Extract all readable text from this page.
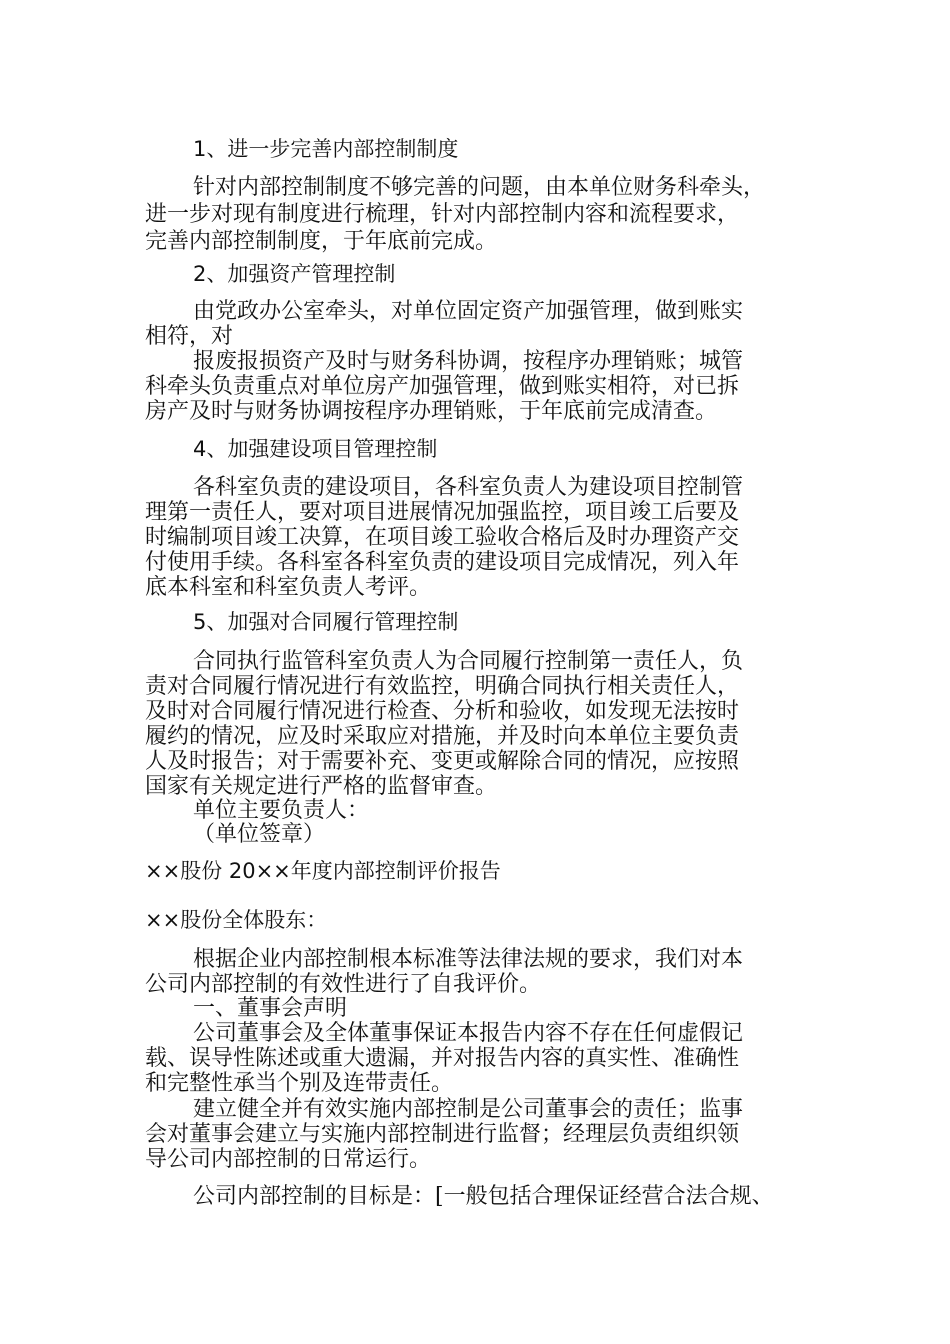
1、进一步完善内部控制制度
针对内部控制制度不够完善的问题，由本单位财务科牵头，
进一步对现有制度进行梳理，针对内部控制内容和流程要求，
完善内部控制制度，于年底前完成。
2、加强资产管理控制
由党政办公室牵头，对单位固定资产加强管理，做到账实
相符，对
报废报损资产及时与财务科协调，按程序办理销账；城管
科牵头负责重点对单位房产加强管理，做到账实相符，对已拆
房产及时与财务协调按程序办理销账，于年底前完成清查。
4、加强建设项目管理控制
各科室负责的建设项目，各科室负责人为建设项目控制管
理第一责任人，要对项目进展情况加强监控，项目竣工后要及
时编制项目竣工决算，在项目竣工验收合格后及时办理资产交
付使用手续。各科室各科室负责的建设项目完成情况，列入年
底本科室和科室负责人考评。
5、加强对合同履行管理控制
合同执行监管科室负责人为合同履行控制第一责任人，负
责对合同履行情况进行有效监控，明确合同执行相关责任人，
及时对合同履行情况进行检查、分析和验收，如发现无法按时
履约的情况，应及时采取应对措施，并及时向本单位主要负责
人及时报告；对于需要补充、变更或解除合同的情况，应按照
国家有关规定进行严格的监督审查。
单位主要负责人：
（单位签章）
××股份 20××年度内部控制评价报告
××股份全体股东：
根据企业内部控制根本标准等法律法规的要求，我们对本
公司内部控制的有效性进行了自我评价。
一、董事会声明
公司董事会及全体董事保证本报告内容不存在任何虚假记
载、误导性陈述或重大遗漏，并对报告内容的真实性、准确性
和完整性承当个别及连带责任。
建立健全并有效实施内部控制是公司董事会的责任；监事
会对董事会建立与实施内部控制进行监督；经理层负责组织领
导公司内部控制的日常运行。
公司内部控制的目标是：[一般包括合理保证经营合法合规、
